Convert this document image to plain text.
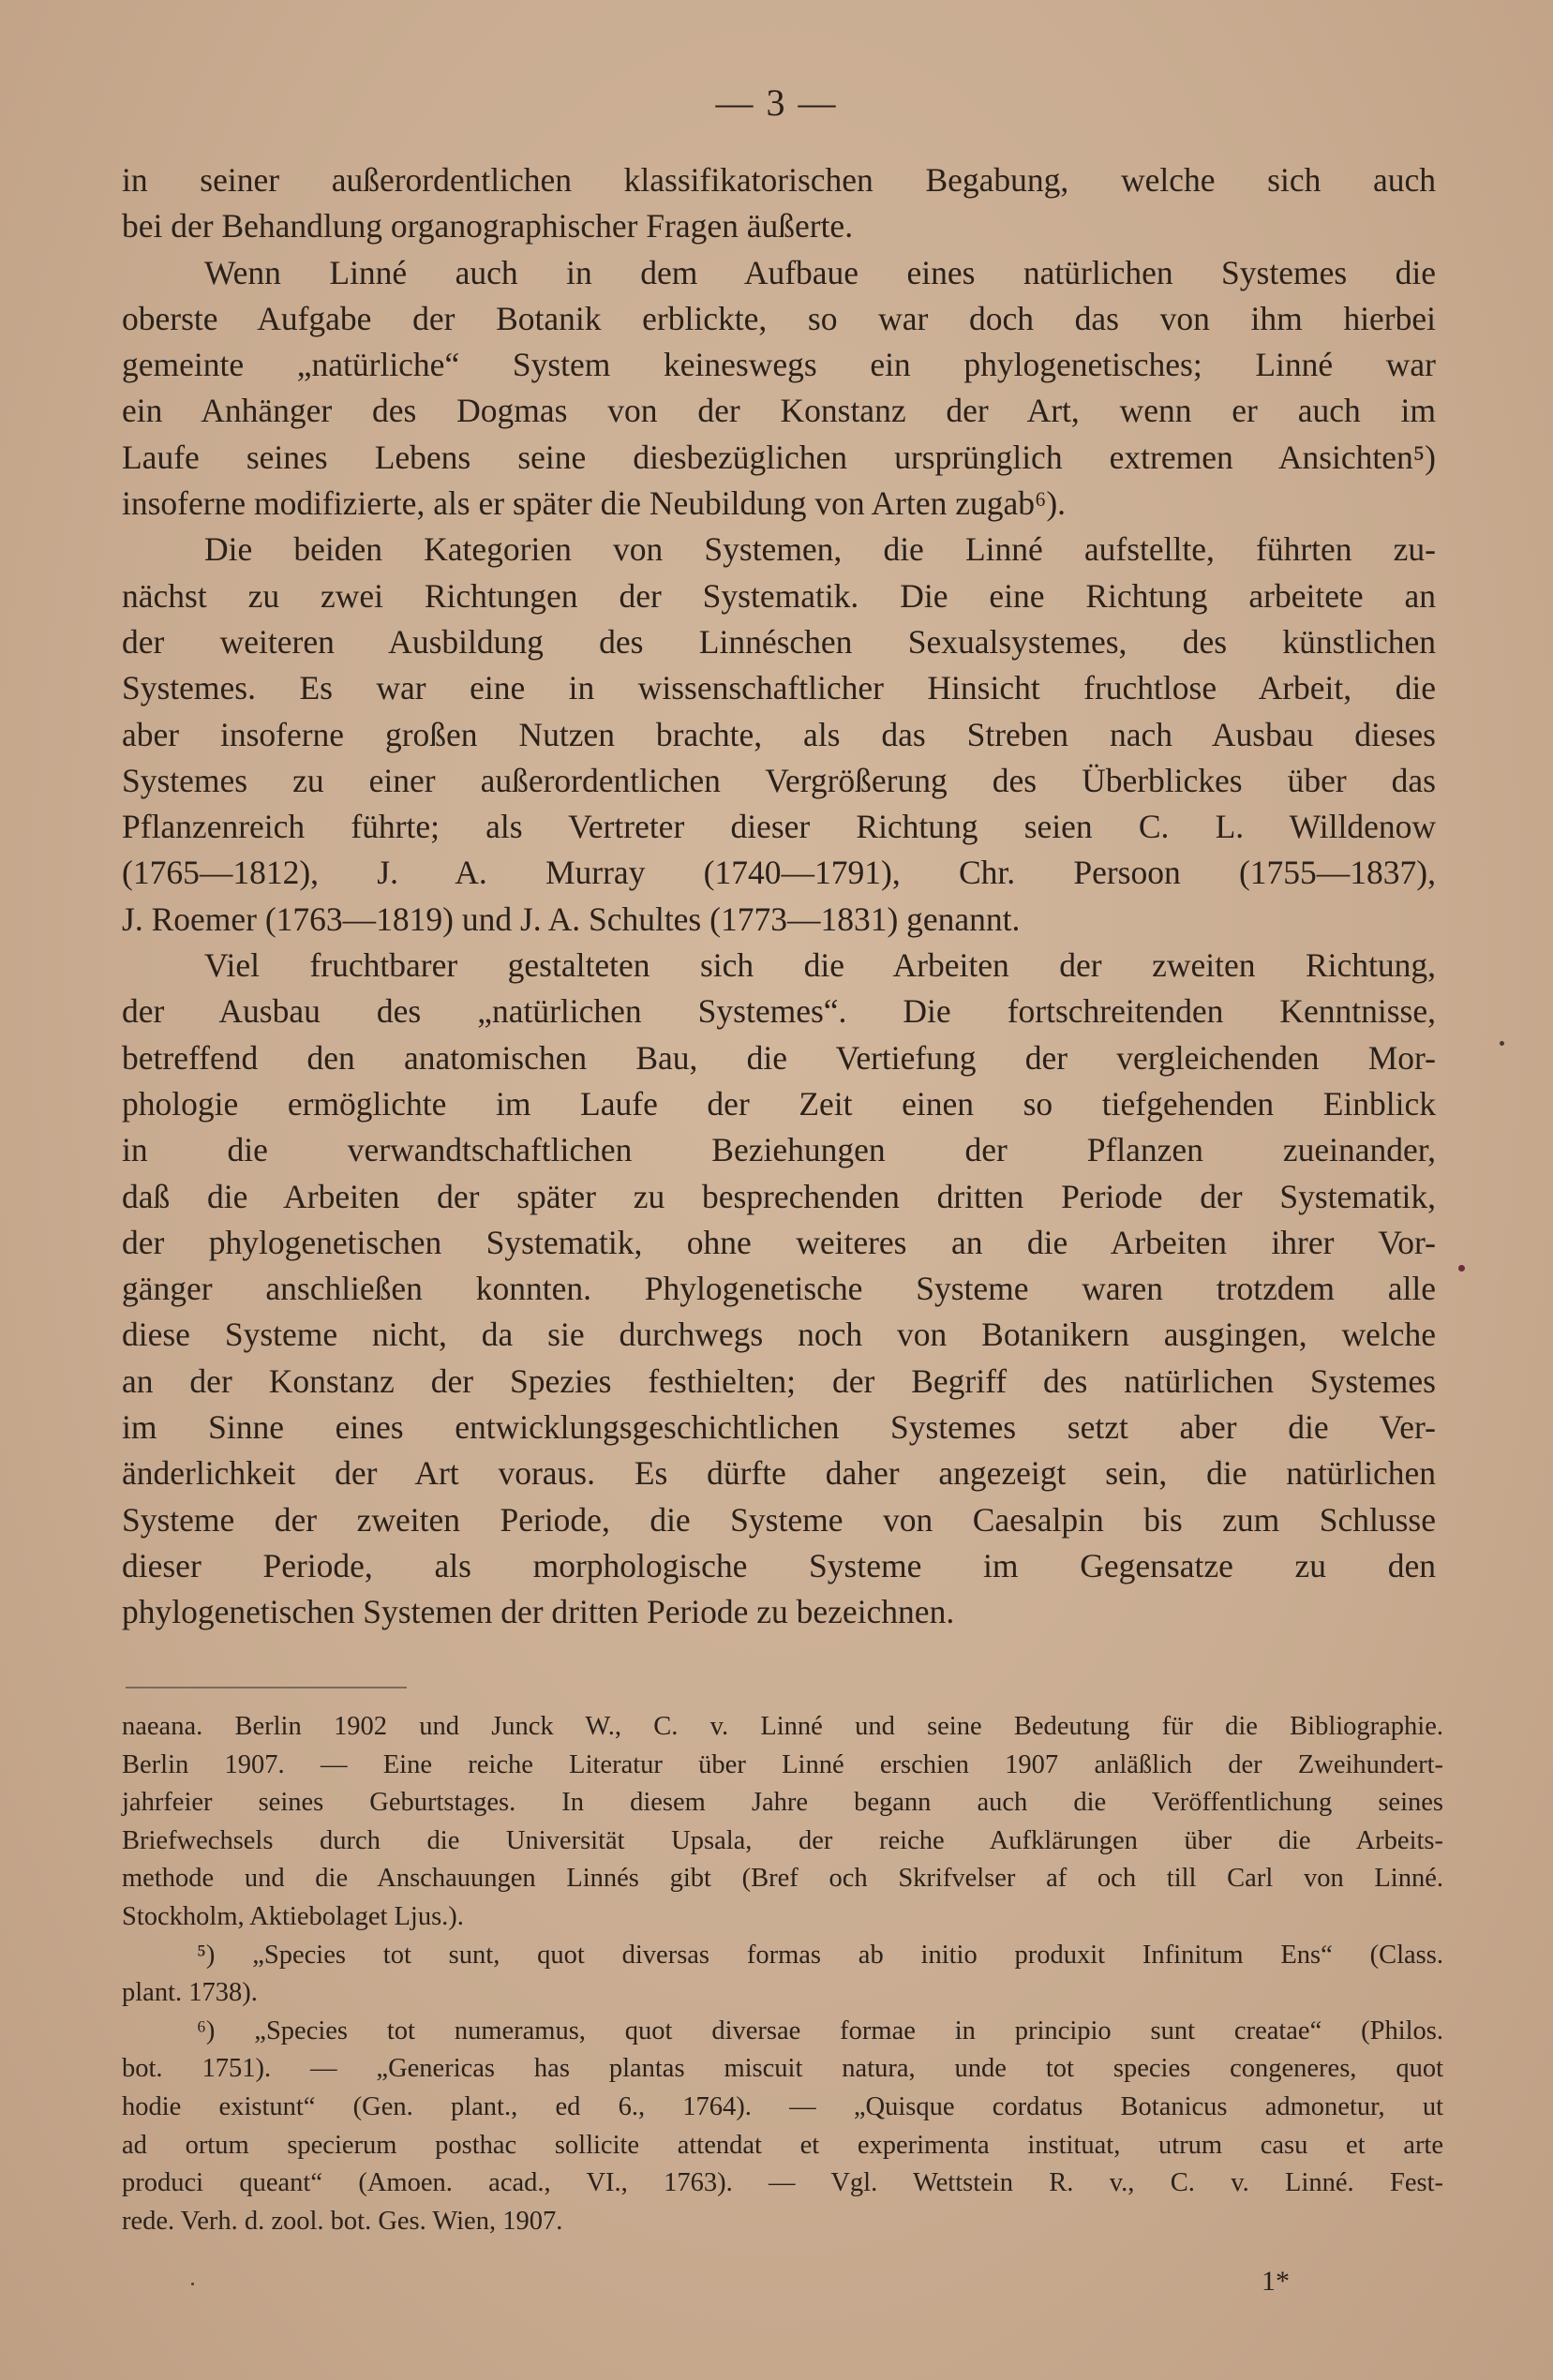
— 3 —
in seiner außerordentlichen klassifikatorischen Begabung, welche sich auch
bei der Behandlung organographischer Fragen äußerte.
Wenn Linné auch in dem Aufbaue eines natürlichen Systemes die
oberste Aufgabe der Botanik erblickte, so war doch das von ihm hierbei
gemeinte „natürliche“ System keineswegs ein phylogenetisches; Linné war
ein Anhänger des Dogmas von der Konstanz der Art, wenn er auch im
Laufe seines Lebens seine diesbezüglichen ursprünglich extremen Ansichten⁵)
insoferne modifizierte, als er später die Neubildung von Arten zugab⁶).
Die beiden Kategorien von Systemen, die Linné aufstellte, führten zu-
nächst zu zwei Richtungen der Systematik. Die eine Richtung arbeitete an
der weiteren Ausbildung des Linnéschen Sexualsystemes, des künstlichen
Systemes. Es war eine in wissenschaftlicher Hinsicht fruchtlose Arbeit, die
aber insoferne großen Nutzen brachte, als das Streben nach Ausbau dieses
Systemes zu einer außerordentlichen Vergrößerung des Überblickes über das
Pflanzenreich führte; als Vertreter dieser Richtung seien C. L. Willdenow
(1765—1812), J. A. Murray (1740—1791), Chr. Persoon (1755—1837),
J. Roemer (1763—1819) und J. A. Schultes (1773—1831) genannt.
Viel fruchtbarer gestalteten sich die Arbeiten der zweiten Richtung,
der Ausbau des „natürlichen Systemes“. Die fortschreitenden Kenntnisse,
betreffend den anatomischen Bau, die Vertiefung der vergleichenden Mor-
phologie ermöglichte im Laufe der Zeit einen so tiefgehenden Einblick
in die verwandtschaftlichen Beziehungen der Pflanzen zueinander,
daß die Arbeiten der später zu besprechenden dritten Periode der Systematik,
der phylogenetischen Systematik, ohne weiteres an die Arbeiten ihrer Vor-
gänger anschließen konnten. Phylogenetische Systeme waren trotzdem alle
diese Systeme nicht, da sie durchwegs noch von Botanikern ausgingen, welche
an der Konstanz der Spezies festhielten; der Begriff des natürlichen Systemes
im Sinne eines entwicklungsgeschichtlichen Systemes setzt aber die Ver-
änderlichkeit der Art voraus. Es dürfte daher angezeigt sein, die natürlichen
Systeme der zweiten Periode, die Systeme von Caesalpin bis zum Schlusse
dieser Periode, als morphologische Systeme im Gegensatze zu den
phylogenetischen Systemen der dritten Periode zu bezeichnen.
naeana. Berlin 1902 und Junck W., C. v. Linné und seine Bedeutung für die Bibliographie.
Berlin 1907. — Eine reiche Literatur über Linné erschien 1907 anläßlich der Zweihundert-
jahrfeier seines Geburtstages. In diesem Jahre begann auch die Veröffentlichung seines
Briefwechsels durch die Universität Upsala, der reiche Aufklärungen über die Arbeits-
methode und die Anschauungen Linnés gibt (Bref och Skrifvelser af och till Carl von Linné.
Stockholm, Aktiebolaget Ljus.).
⁵) „Species tot sunt, quot diversas formas ab initio produxit Infinitum Ens“ (Class.
plant. 1738).
⁶) „Species tot numeramus, quot diversae formae in principio sunt creatae“ (Philos.
bot. 1751). — „Genericas has plantas miscuit natura, unde tot species congeneres, quot
hodie existunt“ (Gen. plant., ed 6., 1764). — „Quisque cordatus Botanicus admonetur, ut
ad ortum specierum posthac sollicite attendat et experimenta instituat, utrum casu et arte
produci queant“ (Amoen. acad., VI., 1763). — Vgl. Wettstein R. v., C. v. Linné. Fest-
rede. Verh. d. zool. bot. Ges. Wien, 1907.
1*
